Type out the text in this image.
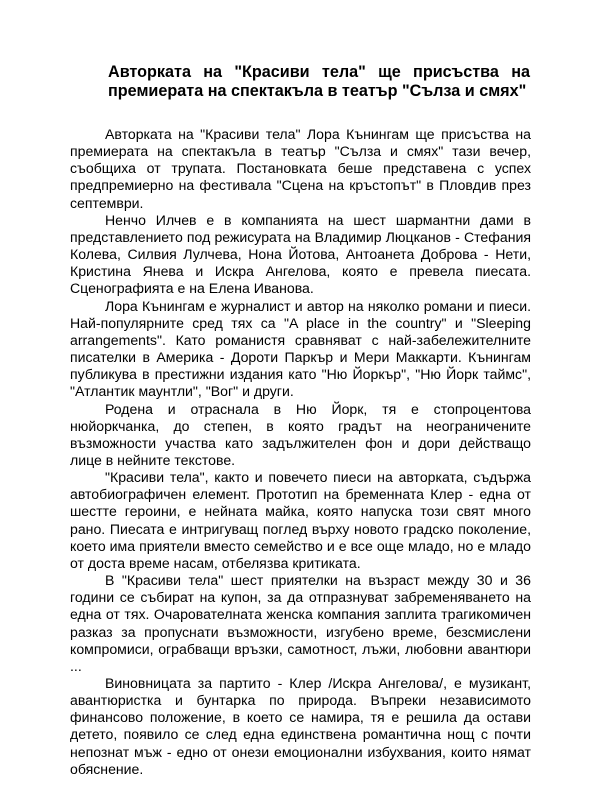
Авторката на "Красиви тела" ще присъства на премиерата на спектакъла в театър "Сълза и смях"

Авторката на "Красиви тела" Лора Кънингам ще присъства на премиерата на спектакъла в театър "Сълза и смях" тази вечер, съобщиха от трупата. Постановката беше представена с успех предпремиерно на фестивала "Сцена на кръстопът" в Пловдив през септември.

Ненчо Илчев е в компанията на шест шармантни дами в представлението под режисурата на Владимир Люцканов - Стефания Колева, Силвия Лулчева, Нона Йотова, Антоанета Доброва - Нети, Кристина Янева и Искра Ангелова, която е превела пиесата. Сценографията е на Елена Иванова.

Лора Кънингам е журналист и автор на няколко романи и пиеси. Най-популярните сред тях са "A place in the country" и "Sleeping arrangements". Като романистя сравняват с най-забележителните писателки в Америка - Дороти Паркър и Мери Маккарти. Кънингам публикува в престижни издания като "Ню Йоркър", "Ню Йорк таймс", "Атлантик маунтли", "Вог" и други.

Родена и отраснала в Ню Йорк, тя е стопроцентова нюйоркчанка, до степен, в която градът на неограничените възможности участва като задължителен фон и дори действащо лице в нейните текстове.

"Красиви тела", както и повечето пиеси на авторката, съдържа автобиографичен елемент. Прототип на бременната Клер - една от шестте героини, е нейната майка, която напуска този свят много рано. Пиесата е интригуващ поглед върху новото градско поколение, което има приятели вместо семейство и е все още младо, но е младо от доста време насам, отбелязва критиката.

В "Красиви тела" шест приятелки на възраст между 30 и 36 години се събират на купон, за да отпразнуват забременяването на една от тях. Очарователната женска компания заплита трагикомичен разказ за пропуснати възможности, изгубено време, безсмислени компромиси, ограбващи връзки, самотност, лъжи, любовни авантюри ...

Виновницата за партито - Клер /Искра Ангелова/, е музикант, авантюристка и бунтарка по природа. Въпреки независимото финансово положение, в което се намира, тя е решила да остави детето, появило се след една единствена романтична нощ с почти непознат мъж - едно от онези емоционални избухвания, които нямат обяснение.
